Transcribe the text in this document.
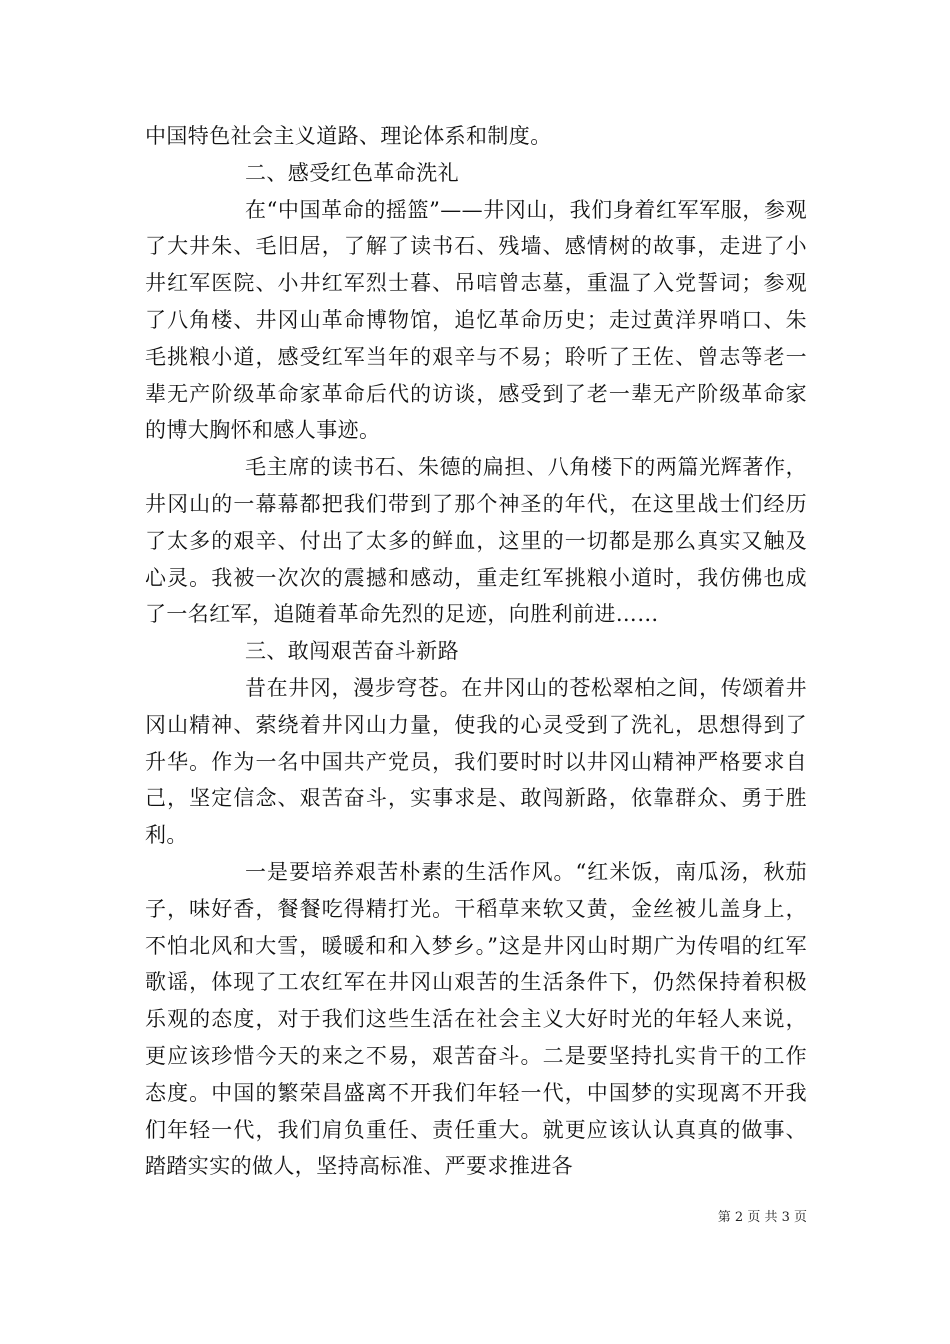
中国特色社会主义道路、理论体系和制度。

二、感受红色革命洗礼

在“中国革命的摇篮”——井冈山，我们身着红军军服，参观了大井朱、毛旧居，了解了读书石、残墙、感情树的故事，走进了小井红军医院、小井红军烈士暮、吊唁曾志墓，重温了入党誓词；参观了八角楼、井冈山革命博物馆，追忆革命历史；走过黄洋界哨口、朱毛挑粮小道，感受红军当年的艰辛与不易；聆听了王佐、曾志等老一辈无产阶级革命家革命后代的访谈，感受到了老一辈无产阶级革命家的博大胸怀和感人事迹。

毛主席的读书石、朱德的扁担、八角楼下的两篇光辉著作，井冈山的一幕幕都把我们带到了那个神圣的年代，在这里战士们经历了太多的艰辛、付出了太多的鲜血，这里的一切都是那么真实又触及心灵。我被一次次的震撼和感动，重走红军挑粮小道时，我仿佛也成了一名红军，追随着革命先烈的足迹，向胜利前进……

三、敢闯艰苦奋斗新路

昔在井冈，漫步穹苍。在井冈山的苍松翠柏之间，传颂着井冈山精神、萦绕着井冈山力量，使我的心灵受到了洗礼，思想得到了升华。作为一名中国共产党员，我们要时时以井冈山精神严格要求自己，坚定信念、艰苦奋斗，实事求是、敢闯新路，依靠群众、勇于胜利。

一是要培养艰苦朴素的生活作风。“红米饭，南瓜汤，秋茄子，味好香，餐餐吃得精打光。干稻草来软又黄，金丝被儿盖身上，不怕北风和大雪，暖暖和和入梦乡。”这是井冈山时期广为传唱的红军歌谣，体现了工农红军在井冈山艰苦的生活条件下，仍然保持着积极乐观的态度，对于我们这些生活在社会主义大好时光的年轻人来说，更应该珍惜今天的来之不易，艰苦奋斗。二是要坚持扎实肯干的工作态度。中国的繁荣昌盛离不开我们年轻一代，中国梦的实现离不开我们年轻一代，我们肩负重任、责任重大。就更应该认认真真的做事、踏踏实实的做人，坚持高标准、严要求推进各

第 2 页 共 3 页
